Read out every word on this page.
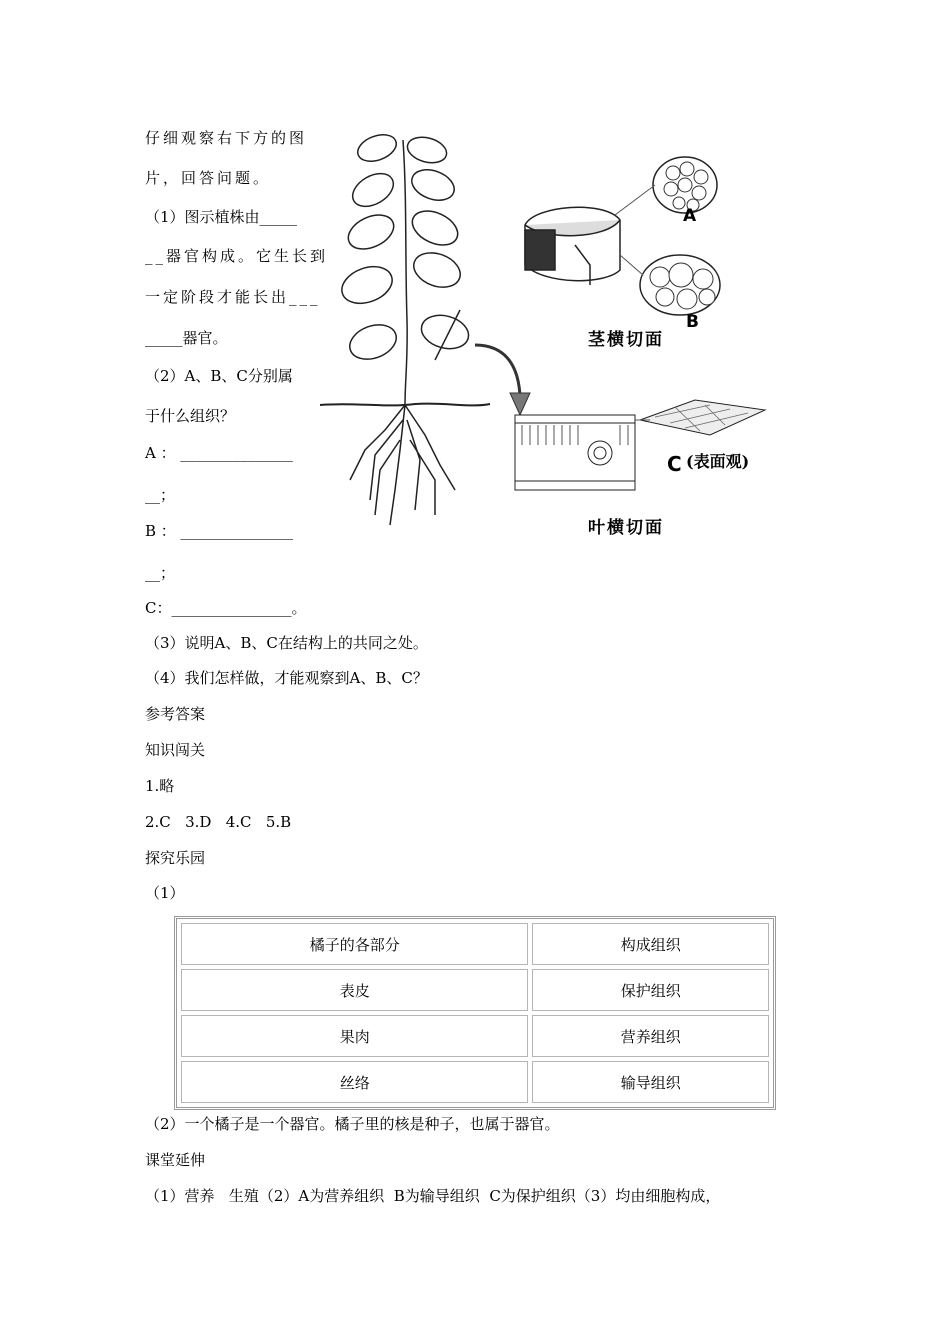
仔细观察右下方的图
片，回答问题。
（1）图示植株由_____
__器官构成。它生长到
一定阶段才能长出___
_____器官。
（2）A、B、C分别属
于什么组织？
A ： _______________
__；
B ： _______________
__；
C：________________。
A
B
茎横切面
C (表面观)
叶横切面
（3）说明A、B、C在结构上的共同之处。
（4）我们怎样做，才能观察到A、B、C？
参考答案
知识闯关
1.略
2.C   3.D   4.C   5.B
探究乐园
（1）
橘子的各部分	构成组织
表皮	保护组织
果肉	营养组织
丝络	输导组织
（2）一个橘子是一个器官。橘子里的核是种子，也属于器官。
课堂延伸
（1）营养   生殖（2）A为营养组织  B为输导组织  C为保护组织（3）均由细胞构成，
